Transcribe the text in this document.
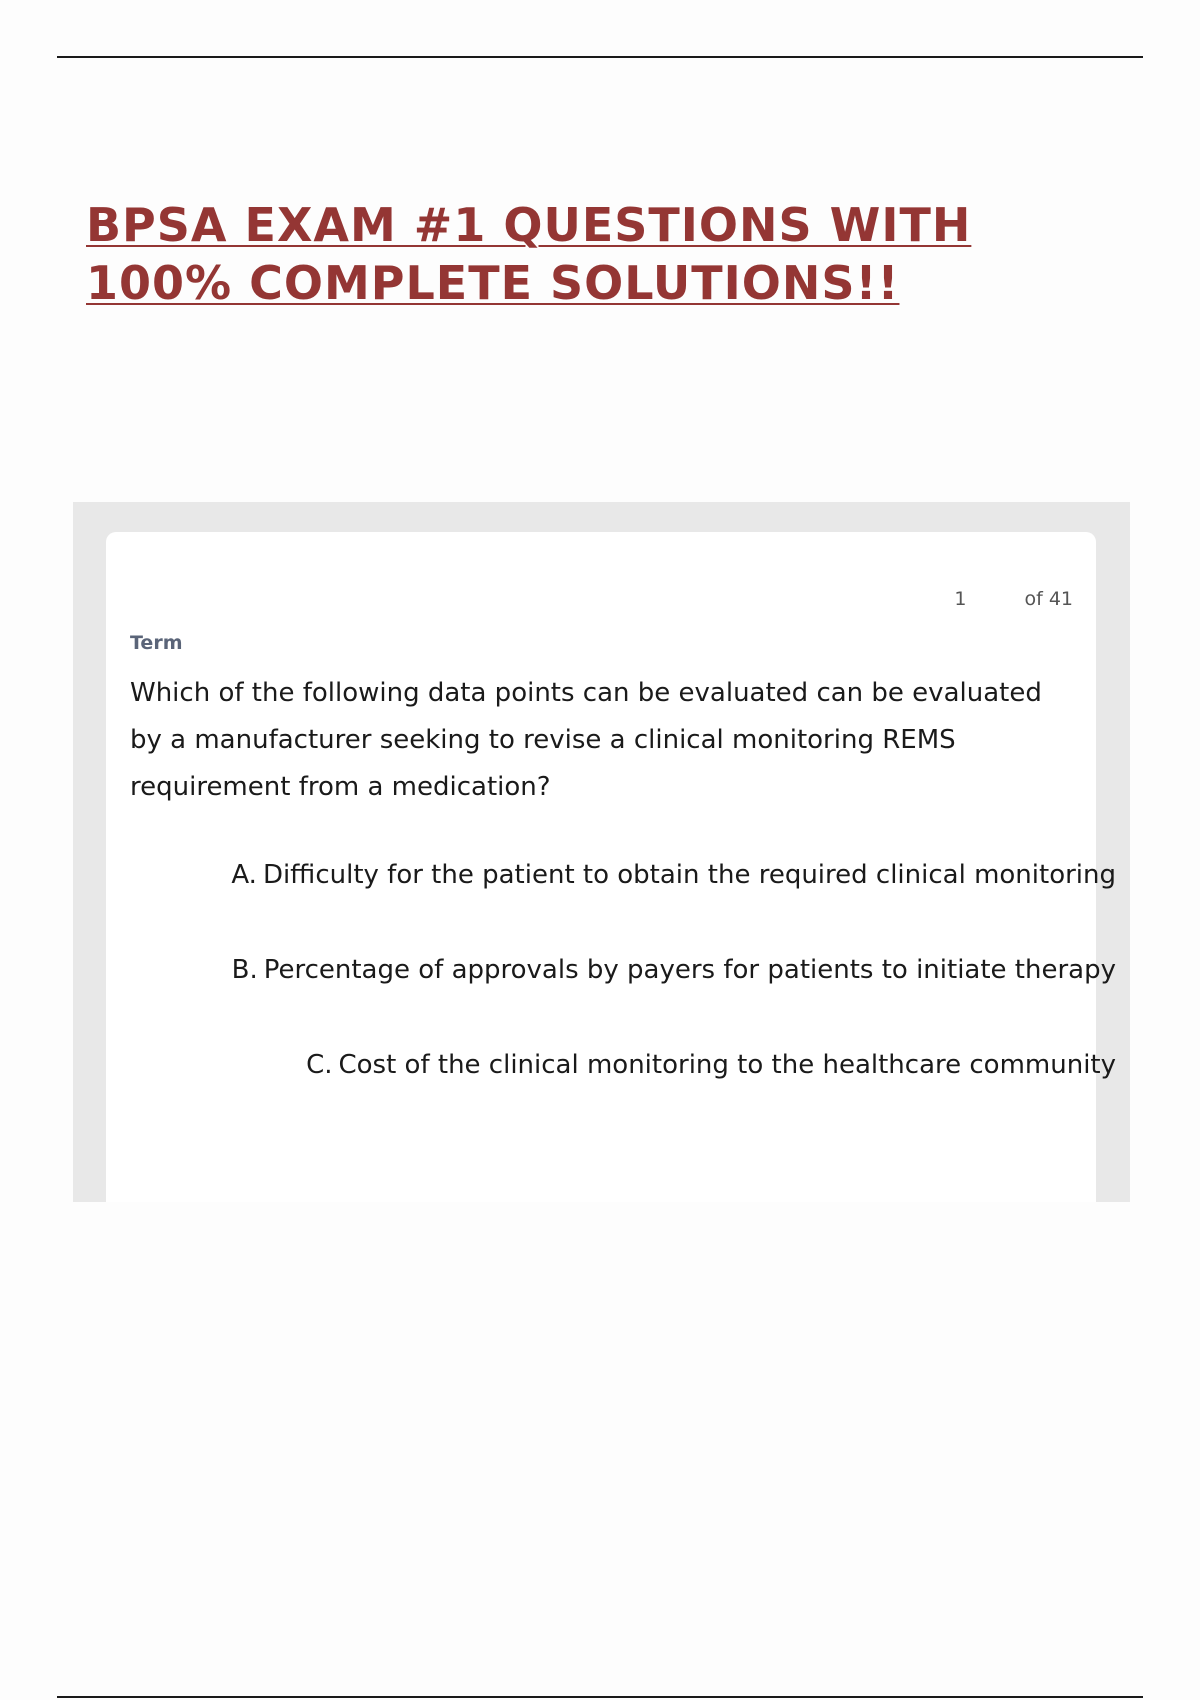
BPSA EXAM #1 QUESTIONS WITH
100% COMPLETE SOLUTIONS!!
1	of 41
Term
Which of the following data points can be evaluated can be evaluated by a manufacturer seeking to revise a clinical monitoring REMS requirement from a medication?
A. Difficulty for the patient to obtain the required clinical monitoring
B. Percentage of approvals by payers for patients to initiate therapy
C. Cost of the clinical monitoring to the healthcare community
